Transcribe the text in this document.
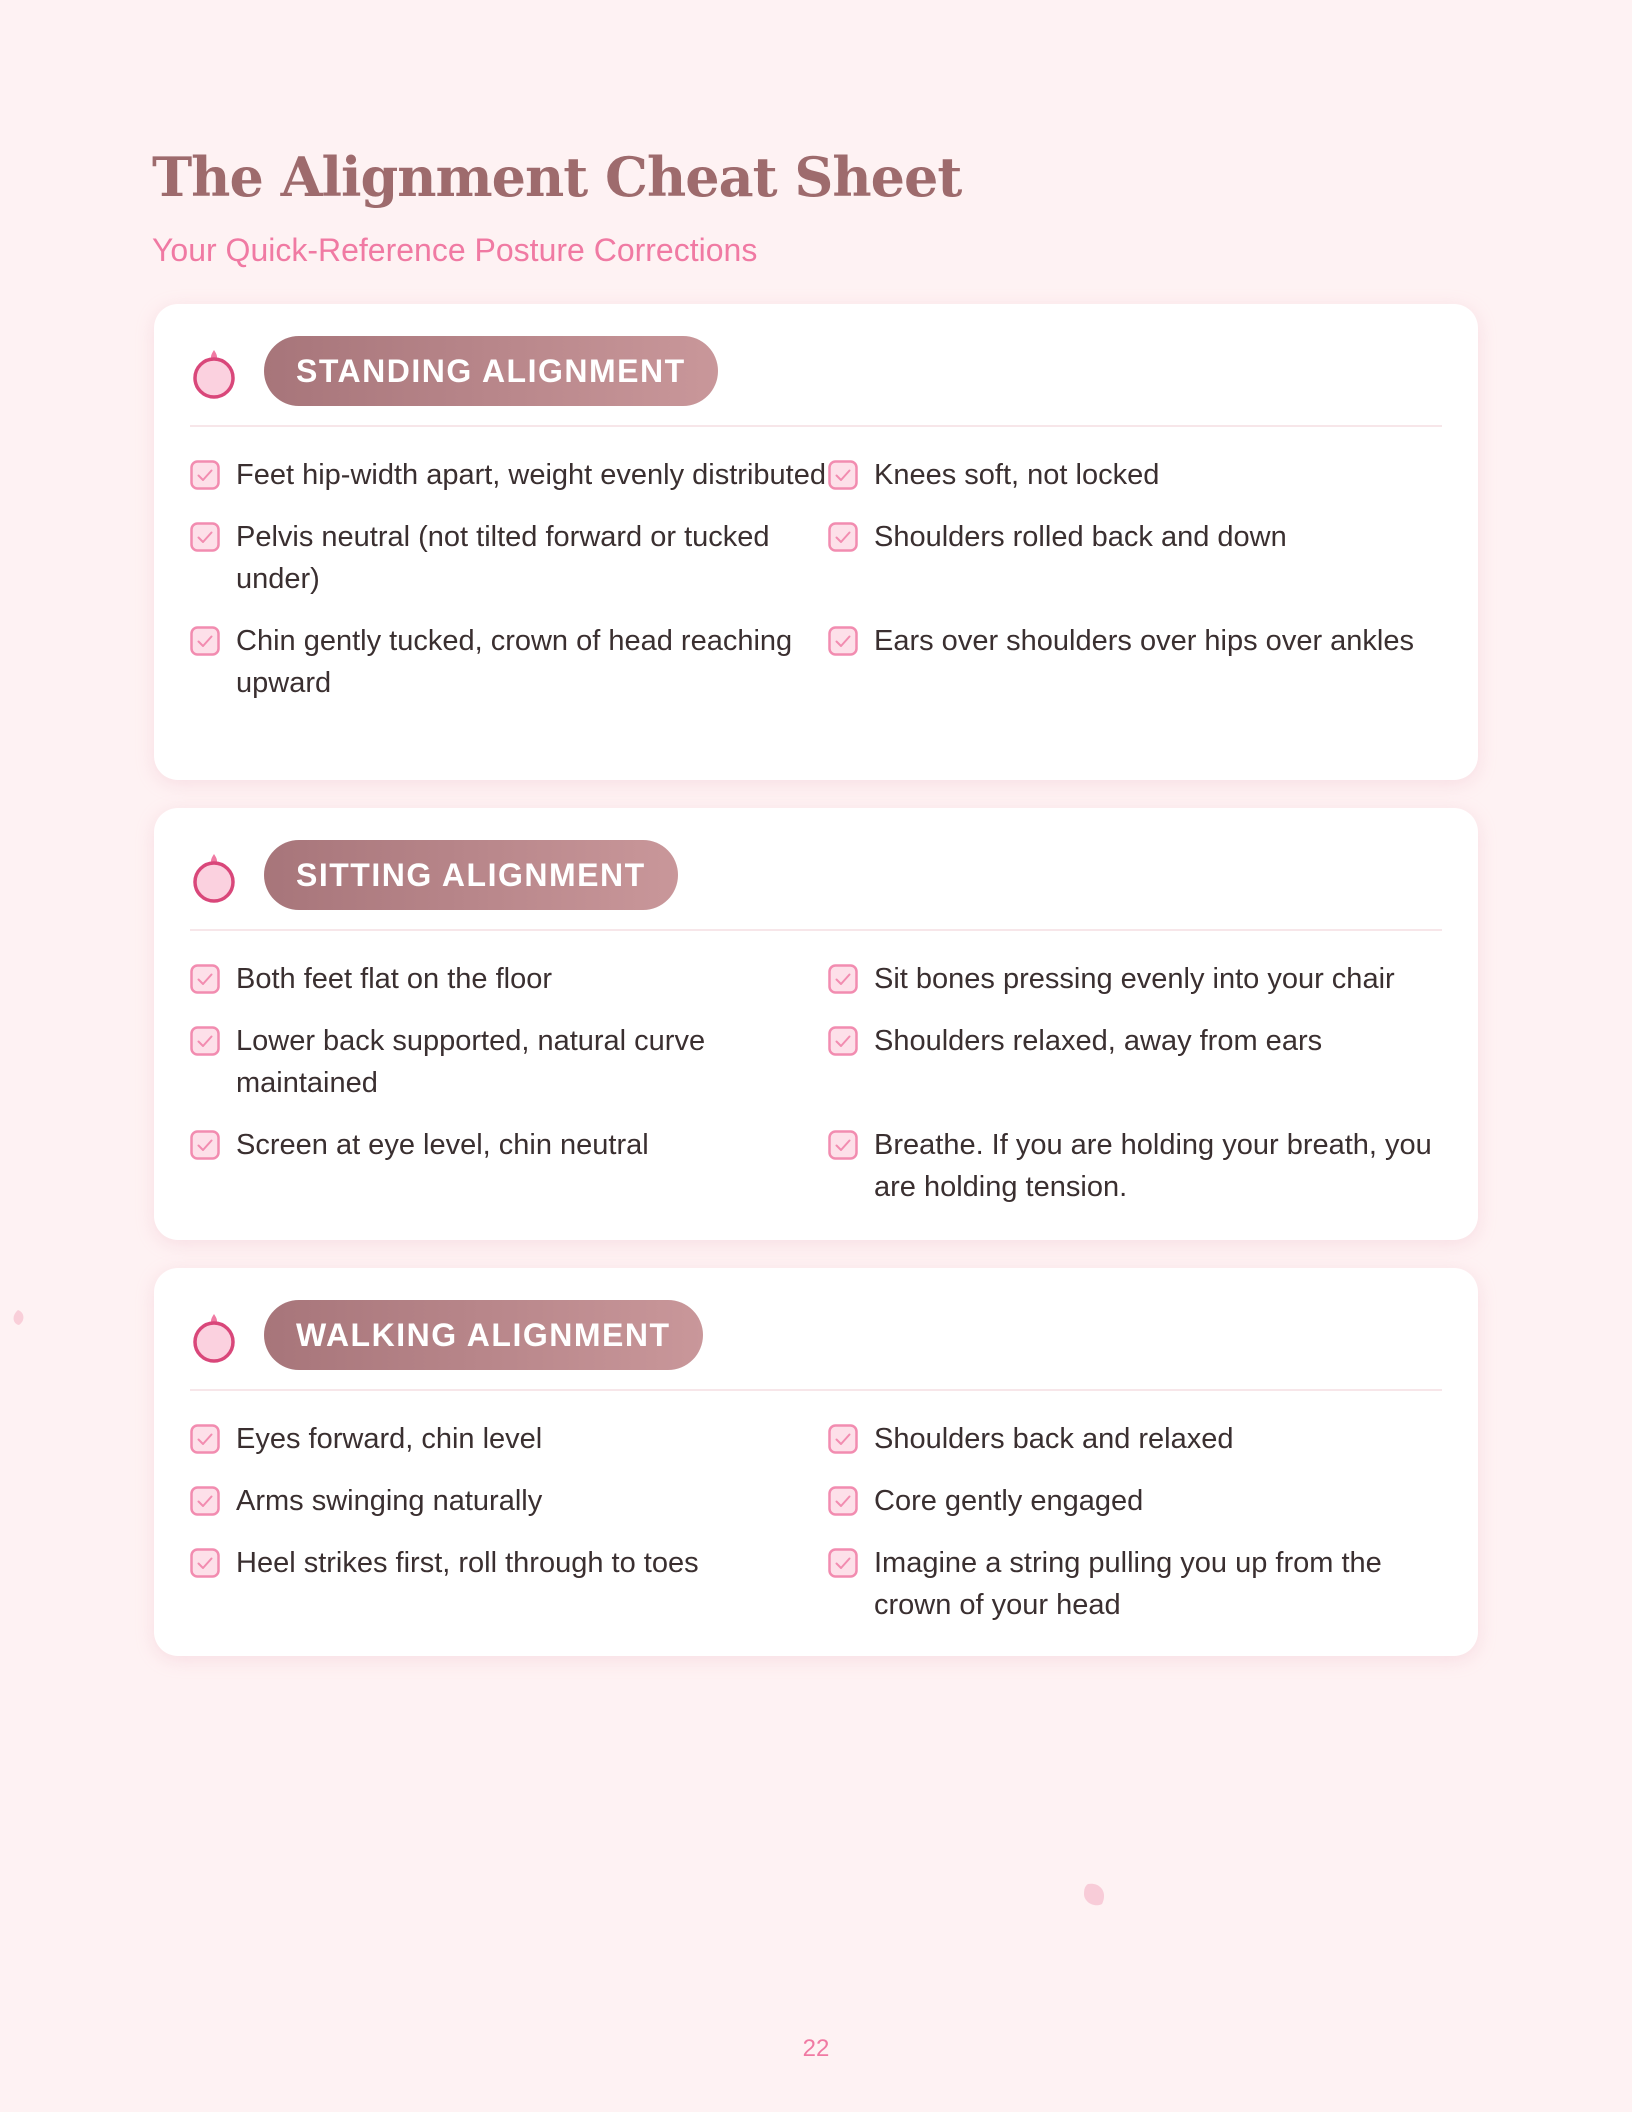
The Alignment Cheat Sheet

Your Quick-Reference Posture Corrections

STANDING ALIGNMENT
Feet hip-width apart, weight evenly distributed	Knees soft, not locked
Pelvis neutral (not tilted forward or tucked under)
Shoulders rolled back and down
Chin gently tucked, crown of head reaching upward
Ears over shoulders over hips over ankles
SITTING ALIGNMENT
Both feet flat on the floor	Sit bones pressing evenly into your chair
Lower back supported, natural curve maintained
Shoulders relaxed, away from ears
Screen at eye level, chin neutral	Breathe. If you are holding your breath, you are holding tension.
WALKING ALIGNMENT
Eyes forward, chin level	Shoulders back and relaxed
Arms swinging naturally	Core gently engaged
Heel strikes first, roll through to toes	Imagine a string pulling you up from the crown of your head
22
